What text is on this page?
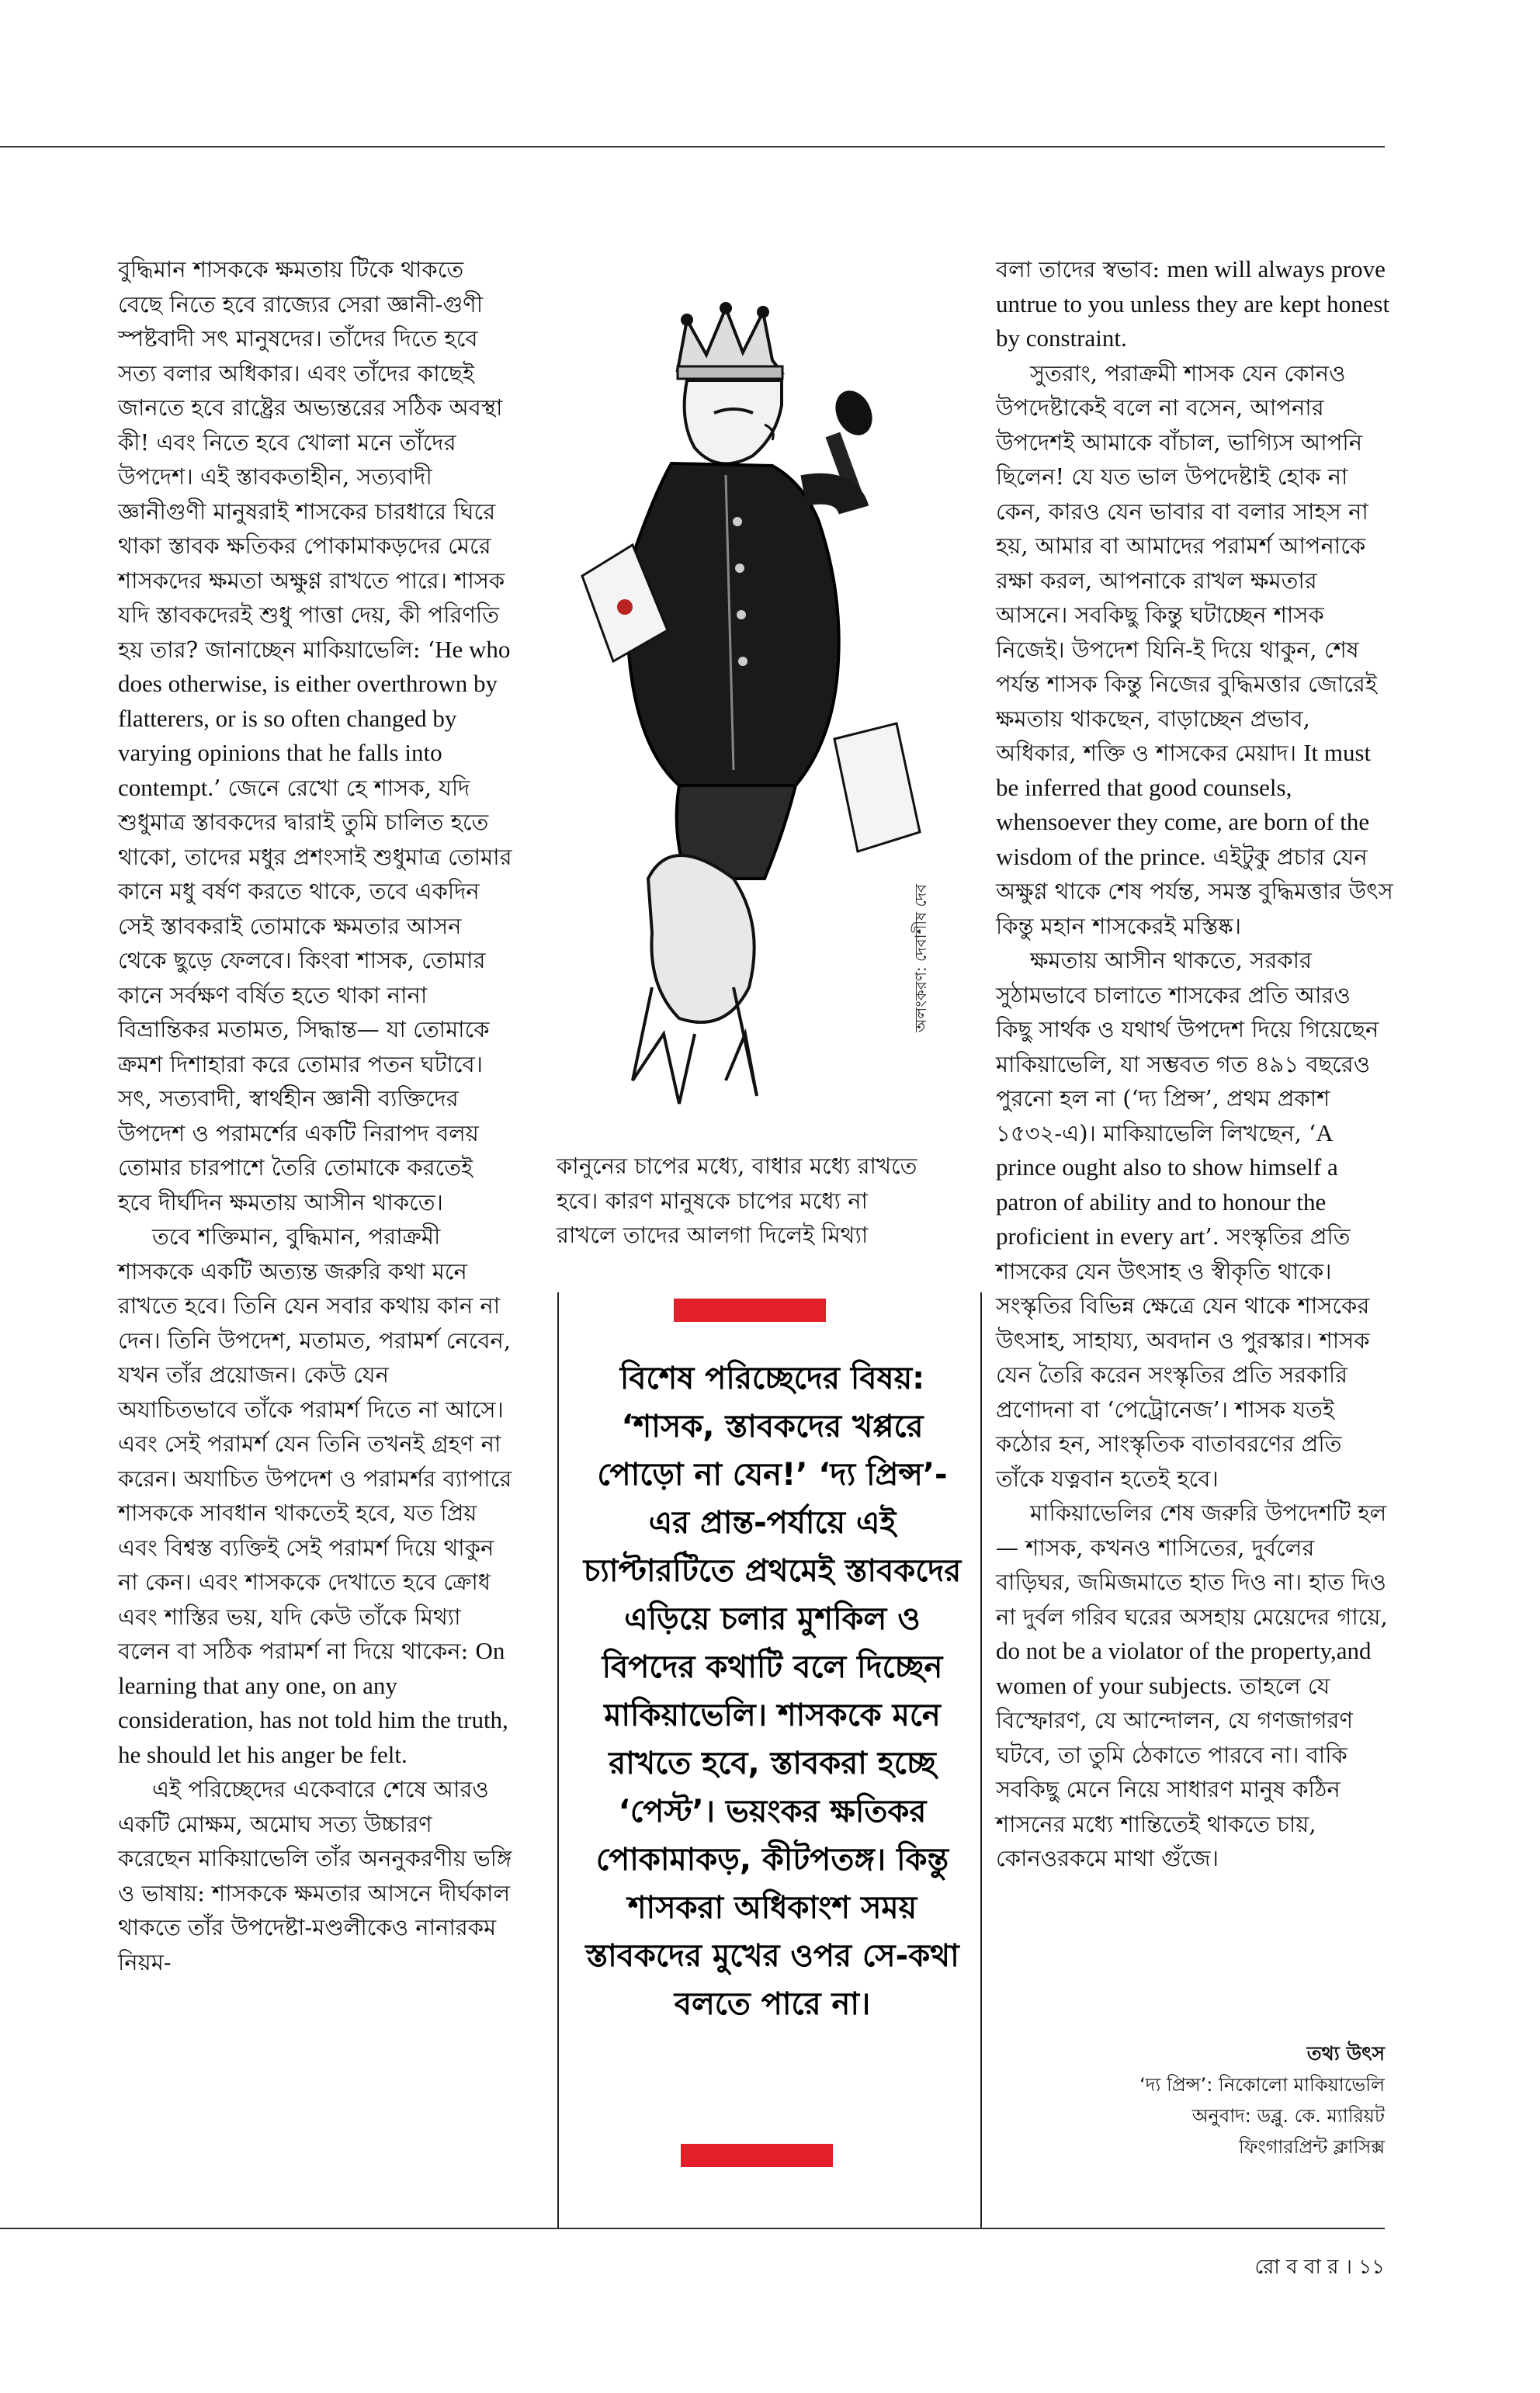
বুদ্ধিমান শাসককে ক্ষমতায় টিকে থাকতে বেছে নিতে হবে রাজ্যের সেরা জ্ঞানী-গুণী স্পষ্টবাদী সৎ মানুষদের। তাঁদের দিতে হবে সত্য বলার অধিকার। এবং তাঁদের কাছেই জানতে হবে রাষ্ট্রের অভ্যন্তরের সঠিক অবস্থা কী! এবং নিতে হবে খোলা মনে তাঁদের উপদেশ। এই স্তাবকতাহীন, সত্যবাদী জ্ঞানীগুণী মানুষরাই শাসকের চারধারে ঘিরে থাকা স্তাবক ক্ষতিকর পোকামাকড়দের মেরে শাসকদের ক্ষমতা অক্ষুণ্ণ রাখতে পারে। শাসক যদি স্তাবকদেরই শুধু পাত্তা দেয়, কী পরিণতি হয় তার? জানাচ্ছেন মাকিয়াভেলি: ‘He who does otherwise, is either overthrown by flatterers, or is so often changed by varying opinions that he falls into contempt.’ জেনে রেখো হে শাসক, যদি শুধুমাত্র স্তাবকদের দ্বারাই তুমি চালিত হতে থাকো, তাদের মধুর প্রশংসাই শুধুমাত্র তোমার কানে মধু বর্ষণ করতে থাকে, তবে একদিন সেই স্তাবকরাই তোমাকে ক্ষমতার আসন থেকে ছুড়ে ফেলবে। কিংবা শাসক, তোমার কানে সর্বক্ষণ বর্ষিত হতে থাকা নানা বিভ্রান্তিকর মতামত, সিদ্ধান্ত— যা তোমাকে ক্রমশ দিশাহারা করে তোমার পতন ঘটাবে। সৎ, সত্যবাদী, স্বার্থহীন জ্ঞানী ব্যক্তিদের উপদেশ ও পরামর্শের একটি নিরাপদ বলয় তোমার চারপাশে তৈরি তোমাকে করতেই হবে দীর্ঘদিন ক্ষমতায় আসীন থাকতে।

তবে শক্তিমান, বুদ্ধিমান, পরাক্রমী শাসককে একটি অত্যন্ত জরুরি কথা মনে রাখতে হবে। তিনি যেন সবার কথায় কান না দেন। তিনি উপদেশ, মতামত, পরামর্শ নেবেন, যখন তাঁর প্রয়োজন। কেউ যেন অযাচিতভাবে তাঁকে পরামর্শ দিতে না আসে। এবং সেই পরামর্শ যেন তিনি তখনই গ্রহণ না করেন। অযাচিত উপদেশ ও পরামর্শর ব্যাপারে শাসককে সাবধান থাকতেই হবে, যত প্রিয় এবং বিশ্বস্ত ব্যক্তিই সেই পরামর্শ দিয়ে থাকুন না কেন। এবং শাসককে দেখাতে হবে ক্রোধ এবং শাস্তির ভয়, যদি কেউ তাঁকে মিথ্যা বলেন বা সঠিক পরামর্শ না দিয়ে থাকেন: On learning that any one, on any consideration, has not told him the truth, he should let his anger be felt.

এই পরিচ্ছেদের একেবারে শেষে আরও একটি মোক্ষম, অমোঘ সত্য উচ্চারণ করেছেন মাকিয়াভেলি তাঁর অননুকরণীয় ভঙ্গি ও ভাষায়: শাসককে ক্ষমতার আসনে দীর্ঘকাল থাকতে তাঁর উপদেষ্টা-মণ্ডলীকেও নানারকম নিয়ম-

অলংকরণ: দেবাশীষ দেব

কানুনের চাপের মধ্যে, বাধার মধ্যে রাখতে হবে। কারণ মানুষকে চাপের মধ্যে না রাখলে তাদের আলগা দিলেই মিথ্যা

বিশেষ পরিচ্ছেদের বিষয়: ‘শাসক, স্তাবকদের খপ্পরে পোড়ো না যেন!’ ‘দ্য প্রিন্স’-এর প্রান্ত-পর্যায়ে এই চ্যাপ্টারটিতে প্রথমেই স্তাবকদের এড়িয়ে চলার মুশকিল ও বিপদের কথাটি বলে দিচ্ছেন মাকিয়াভেলি। শাসককে মনে রাখতে হবে, স্তাবকরা হচ্ছে ‘পেস্ট’। ভয়ংকর ক্ষতিকর পোকামাকড়, কীটপতঙ্গ। কিন্তু শাসকরা অধিকাংশ সময় স্তাবকদের মুখের ওপর সে-কথা বলতে পারে না।

বলা তাদের স্বভাব: men will always prove untrue to you unless they are kept honest by constraint.

সুতরাং, পরাক্রমী শাসক যেন কোনও উপদেষ্টাকেই বলে না বসেন, আপনার উপদেশই আমাকে বাঁচাল, ভাগ্যিস আপনি ছিলেন! যে যত ভাল উপদেষ্টাই হোক না কেন, কারও যেন ভাবার বা বলার সাহস না হয়, আমার বা আমাদের পরামর্শ আপনাকে রক্ষা করল, আপনাকে রাখল ক্ষমতার আসনে। সবকিছু কিন্তু ঘটাচ্ছেন শাসক নিজেই। উপদেশ যিনি-ই দিয়ে থাকুন, শেষ পর্যন্ত শাসক কিন্তু নিজের বুদ্ধিমত্তার জোরেই ক্ষমতায় থাকছেন, বাড়াচ্ছেন প্রভাব, অধিকার, শক্তি ও শাসকের মেয়াদ। It must be inferred that good counsels, whensoever they come, are born of the wisdom of the prince. এইটুকু প্রচার যেন অক্ষুণ্ণ থাকে শেষ পর্যন্ত, সমস্ত বুদ্ধিমত্তার উৎস কিন্তু মহান শাসকেরই মস্তিষ্ক।

ক্ষমতায় আসীন থাকতে, সরকার সুঠামভাবে চালাতে শাসকের প্রতি আরও কিছু সার্থক ও যথার্থ উপদেশ দিয়ে গিয়েছেন মাকিয়াভেলি, যা সম্ভবত গত ৪৯১ বছরেও পুরনো হল না (‘দ্য প্রিন্স’, প্রথম প্রকাশ ১৫৩২-এ)। মাকিয়াভেলি লিখছেন, ‘A prince ought also to show himself a patron of ability and to honour the proficient in every art’. সংস্কৃতির প্রতি শাসকের যেন উৎসাহ ও স্বীকৃতি থাকে। সংস্কৃতির বিভিন্ন ক্ষেত্রে যেন থাকে শাসকের উৎসাহ, সাহায্য, অবদান ও পুরস্কার। শাসক যেন তৈরি করেন সংস্কৃতির প্রতি সরকারি প্রণোদনা বা ‘পেট্রোনেজ’। শাসক যতই কঠোর হন, সাংস্কৃতিক বাতাবরণের প্রতি তাঁকে যত্নবান হতেই হবে।

মাকিয়াভেলির শেষ জরুরি উপদেশটি হল— শাসক, কখনও শাসিতের, দুর্বলের বাড়িঘর, জমিজমাতে হাত দিও না। হাত দিও না দুর্বল গরিব ঘরের অসহায় মেয়েদের গায়ে, do not be a violator of the property,and women of your subjects. তাহলে যে বিস্ফোরণ, যে আন্দোলন, যে গণজাগরণ ঘটবে, তা তুমি ঠেকাতে পারবে না। বাকি সবকিছু মেনে নিয়ে সাধারণ মানুষ কঠিন শাসনের মধ্যে শান্তিতেই থাকতে চায়, কোনওরকমে মাথা গুঁজে।

তথ্য উৎস
‘দ্য প্রিন্স’: নিকোলো মাকিয়াভেলি
অনুবাদ: ডব্লু. কে. ম্যারিয়ট
ফিংগারপ্রিন্ট ক্লাসিক্স
রো ব বা র । ১১
